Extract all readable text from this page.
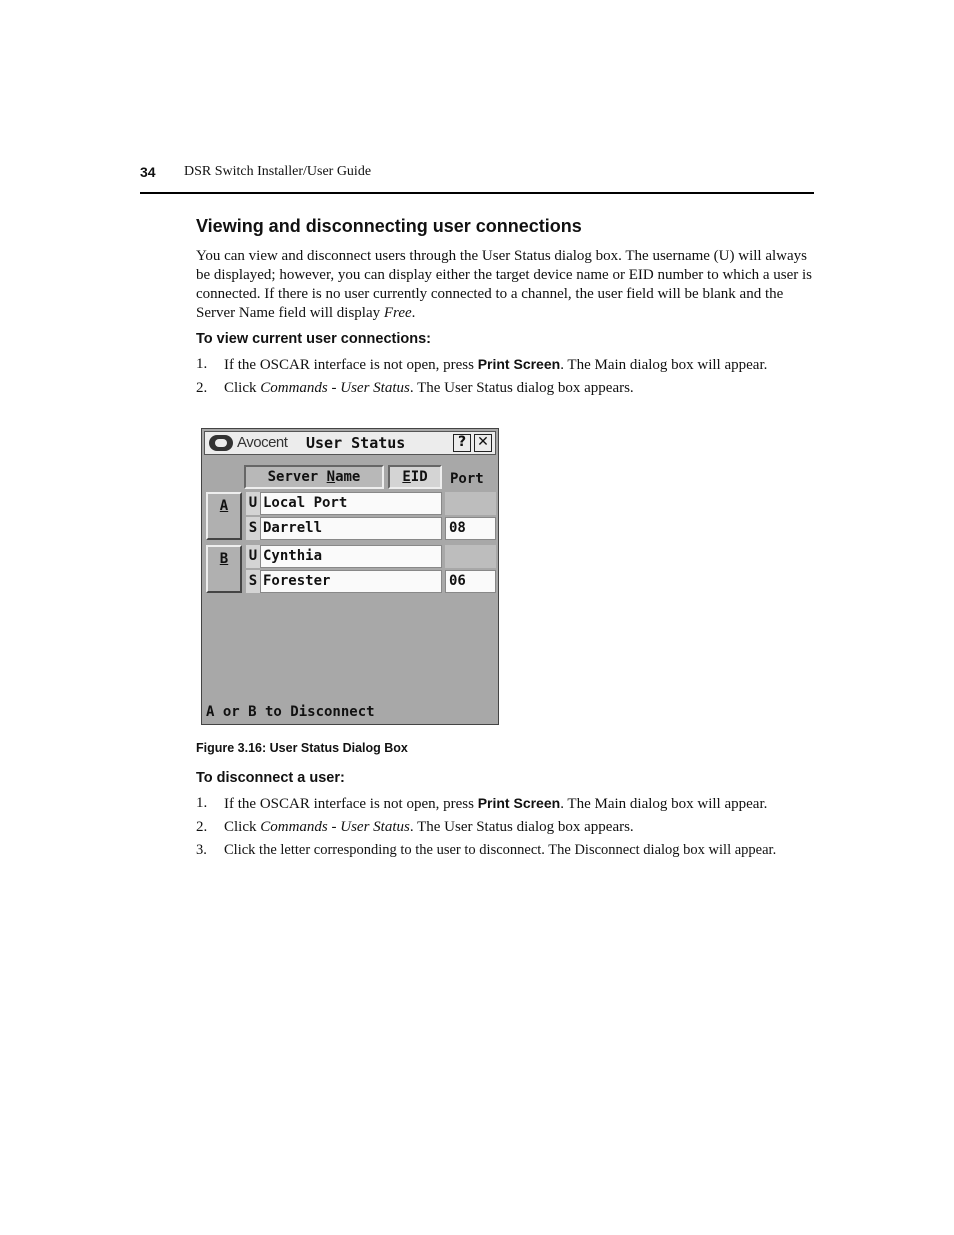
34 DSR Switch Installer/User Guide
Viewing and disconnecting user connections

You can view and disconnect users through the User Status dialog box. The username (U) will always be displayed; however, you can display either the target device name or EID number to which a user is connected. If there is no user currently connected to a channel, the user field will be blank and the Server Name field will display Free.

To view current user connections:
1. If the OSCAR interface is not open, press Print Screen. The Main dialog box will appear.
2. Click Commands - User Status. The User Status dialog box appears.
Avocent User Status	? ✕
Server Name	EID	Port
A	U Local Port
S Darrell	08
B	U Cynthia
S Forester	06
A or B to Disconnect
Figure 3.16: User Status Dialog Box
To disconnect a user:
1. If the OSCAR interface is not open, press Print Screen. The Main dialog box will appear.
2. Click Commands - User Status. The User Status dialog box appears.
3. Click the letter corresponding to the user to disconnect. The Disconnect dialog box will appear.
